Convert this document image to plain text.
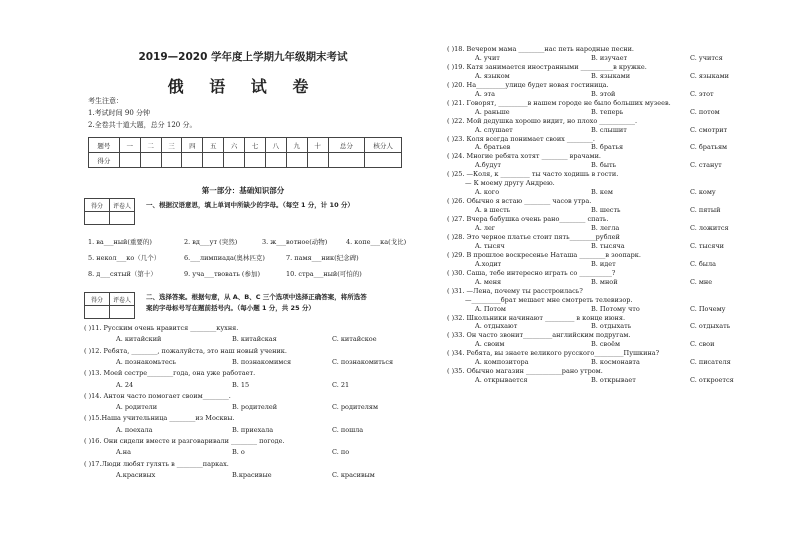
2019—2020 学年度上学期九年级期末考试
俄 语 试 卷
考生注意：
1.考试时间 90 分钟
2.全卷共十道大题，总分 120 分。
题号	一	二	三	四	五	六	七	八	九	十	总分	核分人
得分												
第一部分：基础知识部分
得分	评卷人
	一、根据汉语意思，填上单词中所缺少的字母。（每空 1 分，计 10 分）
1. ва___ный(重要的)	2. вд___ут (突然)	3. ж___вотное(动物)	4. копе___ка(戈比)
5. некол___ко（几个）	6.___лимпиада(奥林匹克)	7. памя___ник(纪念碑)
8. д___сятый（第十）	9. уча___твовать (参加)	10. стра___ный(可怕的)
得分	评卷人
	二、选择答案。根据句意，从 A、B、C 三个选项中选择正确答案，将所选答
案的字母标号写在题前括号内。（每小题 1 分，共 25 分）
( )11. Русским очень нравится ________кухня.
A. китайский	B. китайская	C. китайское
( )12. Ребята, ________, пожалуйста, это наш новый ученик.
A. познакомьтесь	B. познакомимся	C. познакомиться
( )13. Моей сестре________года, она уже работает.
A. 24	B. 15	C. 21
( )14. Антон часто помогает своим________.
A. родители	B. родителей	C. родителям
( )15.Наша учительница ________из Москвы.
A. поехала	B. приехала	C. пошла
( )16. Они сидели вместе и разговаривали ________ погоде.
A.на	B. о	C. по
( )17.Люди любят гулять в ________парках.
A.красивых	B.красивые	C. красивым
( )18. Вечером мама ________нас петь народные песни.
A. учит	B. изучает	C. учится
( )19. Катя занимается иностранными __________в кружке.
A. языком	B. языками	C. языками
( )20. На_________улице будет новая гостиница.
A. эта	B. этой	C. этот
( )21. Говорят, _________в нашем городе не было больших музеев.
A. раньше	B. теперь	C. потом
( )22. Мой дедушка хорошо видит, но плохо ___________.
A. слушает	B. слышит	C. смотрит
( )23. Коля всегда понимает своих ________.
A. братьев	B. братья	C. братьям
( )24. Многие ребята хотят ________ врачами.
A.будут	B. быть	C. станут
( )25. —Коля, к _________ ты часто ходишь в гости.
— К моему другу Андрею.
A. кого	B. кем	C. кому
( )26. Обычно я встаю ________ часов утра.
A. в шесть	B. шесть	C. пятый
( )27. Вчера бабушка очень рано________ спать.
A. лег	B. легла	C. ложится
( )28. Это черное платье стоит пять________рублей
A. тысяч	B. тысяча	C. тысячи
( )29. В прошлое воскресенье Наташа ________в зоопарк.
A.ходит	B. идет	C. была
( )30. Саша, тебе интересно играть со __________?
A. меня	B. мной	C. мне
( )31. —Лена, почему ты расстроилась?
—_________брат мешает мне смотреть телевизор.
A. Потом	B. Потому что	C. Почему
( )32. Школьники начинают _________ в конце июня.
A. отдыхают	B. отдыхать	C. отдыхать
( )33. Он часто звонит_________английским подругам.
A. своим	B. своём	C. свои
( )34. Ребята, вы знаете великого русского_________Пушкина?
A. композитора	B. космонавта	C. писателя
( )35. Обычно магазин ___________рано утром.
A. открывается	B. открывает	C. откроется
